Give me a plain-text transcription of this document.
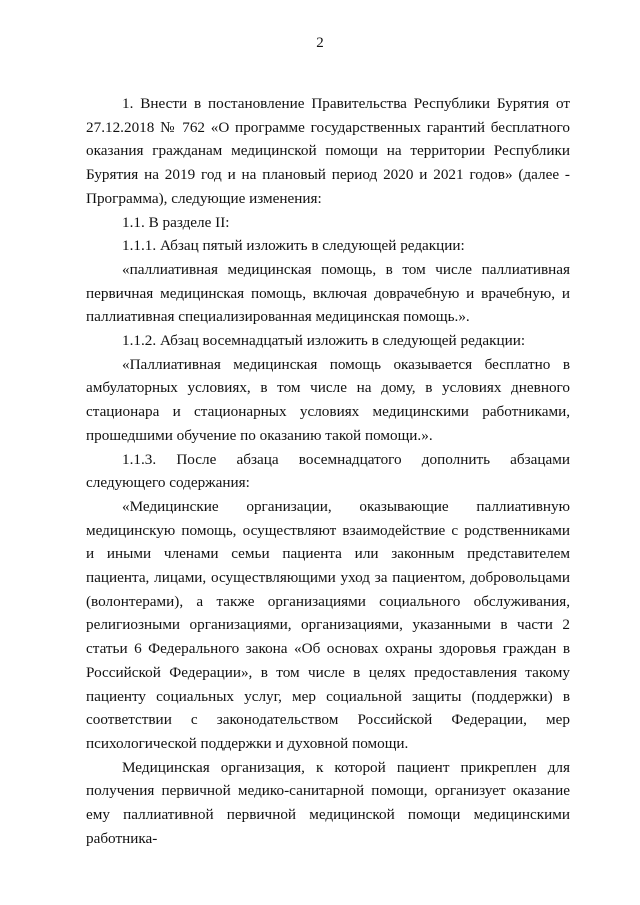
2

1. Внести в постановление Правительства Республики Бурятия от 27.12.2018 № 762 «О программе государственных гарантий бесплатного оказания гражданам медицинской помощи на территории Республики Бурятия на 2019 год и на плановый период 2020 и 2021 годов» (далее - Программа), следующие изменения:

1.1. В разделе II:

1.1.1. Абзац пятый изложить в следующей редакции:

«паллиативная медицинская помощь, в том числе паллиативная первичная медицинская помощь, включая доврачебную и врачебную, и паллиативная специализированная медицинская помощь.».

1.1.2. Абзац восемнадцатый изложить в следующей редакции:

«Паллиативная медицинская помощь оказывается бесплатно в амбулаторных условиях, в том числе на дому, в условиях дневного стационара и стационарных условиях медицинскими работниками, прошедшими обучение по оказанию такой помощи.».

1.1.3. После абзаца восемнадцатого дополнить абзацами следующего содержания:

«Медицинские организации, оказывающие паллиативную медицинскую помощь, осуществляют взаимодействие с родственниками и иными членами семьи пациента или законным представителем пациента, лицами, осуществляющими уход за пациентом, добровольцами (волонтерами), а также организациями социального обслуживания, религиозными организациями, организациями, указанными в части 2 статьи 6 Федерального закона «Об основах охраны здоровья граждан в Российской Федерации», в том числе в целях предоставления такому пациенту социальных услуг, мер социальной защиты (поддержки) в соответствии с законодательством Российской Федерации, мер психологической поддержки и духовной помощи.

Медицинская организация, к которой пациент прикреплен для получения первичной медико-санитарной помощи, организует оказание ему паллиативной первичной медицинской помощи медицинскими работника-
